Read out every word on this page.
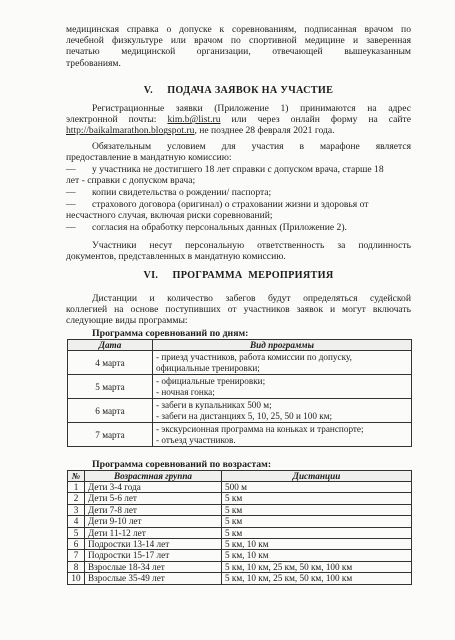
медицинская справка о допуске к соревнованиям, подписанная врачом по
лечебной физкультуре или врачом по спортивной медицине и заверенная
печатью медицинской организации, отвечающей вышеуказанным
требованиям.
V.     ПОДАЧА ЗАЯВОК НА УЧАСТИЕ
Регистрационные заявки (Приложение 1) принимаются на адрес
электронной почты: kim.b@list.ru или через онлайн форму на сайте
http://baikalmarathon.blogspot.ru, не позднее 28 февраля 2021 года.
Обязательным условием для участия в марафоне является
предоставление в мандатную комиссию:
— у участника не достигшего 18 лет справки с допуском врача, старше 18
лет - справки с допуском врача;
— копии свидетельства о рождении/ паспорта;
— страхового договора (оригинал) о страховании жизни и здоровья от
несчастного случая, включая риски соревнований;
— согласия на обработку персональных данных (Приложение 2).
Участники несут персональную ответственность за подлинность
документов, представленных в мандатную комиссию.
VI.     ПРОГРАММА  МЕРОПРИЯТИЯ
Дистанции и количество забегов будут определяться судейской
коллегией на основе поступивших от участников заявок и могут включать
следующие виды программы:
Программа соревнований по дням:
Дата	Вид программы
4 марта	- приезд участников, работа комиссии по допуску,
официальные тренировки;
5 марта	- официальные тренировки;
- ночная гонка;
6 марта	- забеги в купальниках 500 м;
- забеги на дистанциях 5, 10, 25, 50 и 100 км;
7 марта	- экскурсионная программа на коньках и транспорте;
- отъезд участников.
Программа соревнований по возрастам:
№	Возрастная группа	Дистанции
1	Дети 3-4 года	500 м
2	Дети 5-6 лет	5 км
3	Дети 7-8 лет	5 км
4	Дети 9-10 лет	5 км
5	Дети 11-12 лет	5 км
6	Подростки 13-14 лет	5 км, 10 км
7	Подростки 15-17 лет	5 км, 10 км
8	Взрослые 18-34 лет	5 км, 10 км, 25 км, 50 км, 100 км
10	Взрослые 35-49 лет	5 км, 10 км, 25 км, 50 км, 100 км
